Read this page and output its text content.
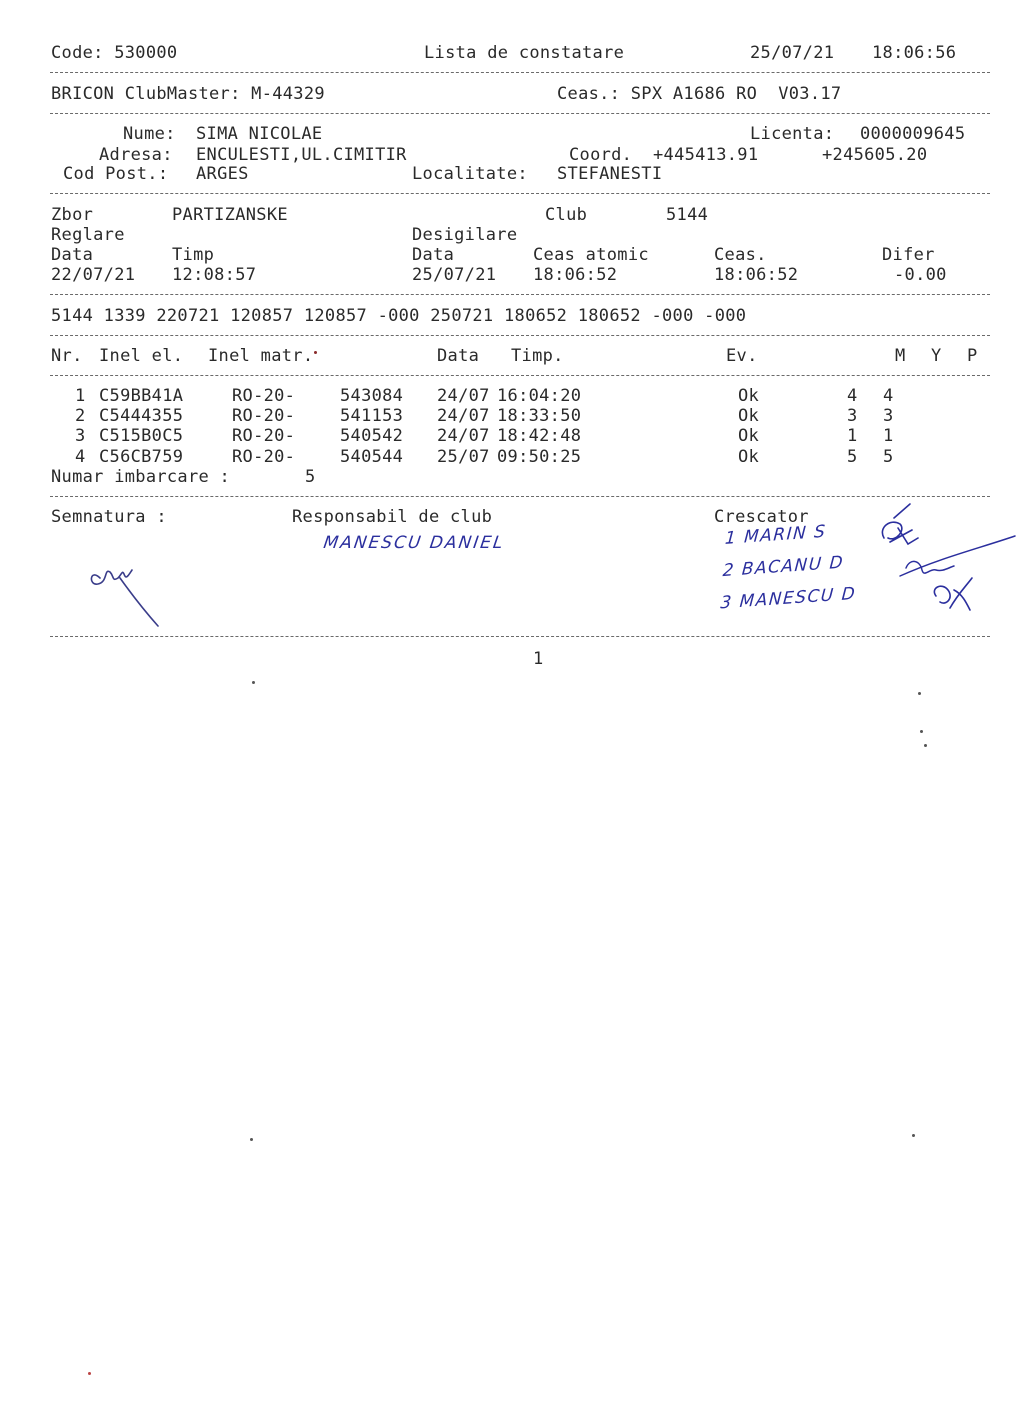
Code: 530000	Lista de constatare	25/07/21 18:06:56
BRICON ClubMaster: M-44329	Ceas.: SPX A1686 RO  V03.17
Nume: SIMA NICOLAE	Licenta: 0000009645
Adresa: ENCULESTI,UL.CIMITIR	Coord. +445413.91	+245605.20
Cod Post.: ARGES	Localitate: STEFANESTI
Zbor	PARTIZANSKE	Club	5144
Reglare	Desigilare
Data	Timp	Data	Ceas atomic	Ceas.	Difer
22/07/21 12:08:57	25/07/21 18:06:52	18:06:52	-0.00
5144 1339 220721 120857 120857 -000 250721 180652 180652 -000 -000
Nr. Inel el. Inel matr.	Data Timp.	Ev.	M Y P
1 C59BB41A	RO-20-	543084 24/07 16:04:20	Ok	4 4
2 C5444355	RO-20-	541153 24/07 18:33:50	Ok	3 3
3 C515B0C5	RO-20-	540542 24/07 18:42:48	Ok	1 1
4 C56CB759	RO-20-	540544 25/07 09:50:25	Ok	5 5
Numar imbarcare :	5
Semnatura :	Responsabil de club	Crescator
MANESCU DANIEL	1 MARIN S
2 BACANU D
3 MANESCU D
1
